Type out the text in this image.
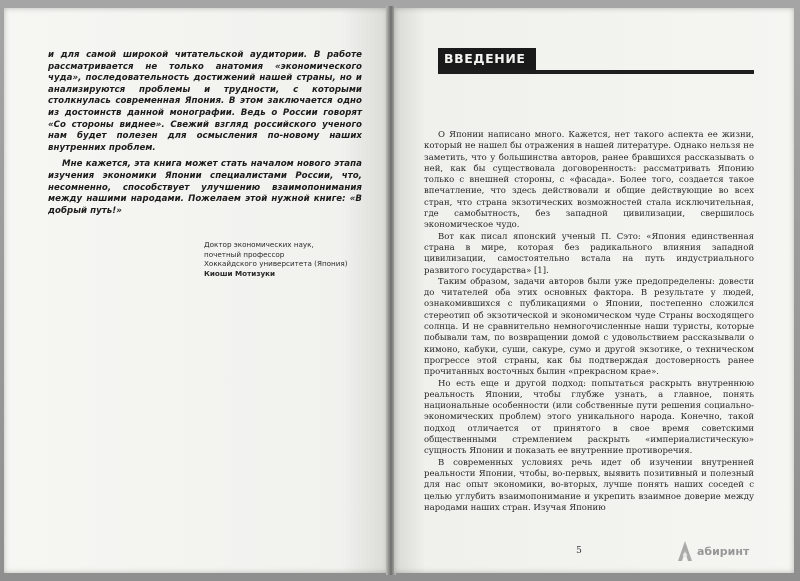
и для самой широкой читательской аудитории. В работе рассматривается не только анатомия «экономического чуда», последовательность достижений нашей страны, но и анализируются проблемы и трудности, с которыми столкнулась современная Япония. В этом заключается одно из достоинств данной монографии. Ведь о России говорят «Со стороны виднее». Свежий взгляд российского ученого нам будет полезен для осмысления по-новому наших внутренних проблем.

Мне кажется, эта книга может стать началом нового этапа изучения экономики Японии специалистами России, что, несомненно, способствует улучшению взаимопонимания между нашими народами. Пожелаем этой нужной книге: «В добрый путь!»

Доктор экономических наук,
почетный профессор
Хоккайдского университета (Япония)
Киоши Мотизуки
ВВЕДЕНИЕ

О Японии написано много. Кажется, нет такого аспекта ее жизни, который не нашел бы отражения в нашей литературе. Однако нельзя не заметить, что у большинства авторов, ранее бравшихся рассказывать о ней, как бы существовала договоренность: рассматривать Японию только с внешней стороны, с «фасада». Более того, создается такое впечатление, что здесь действовали и общие действующие во всех стран, что страна экзотических возможностей стала исключительная, где самобытность, без западной цивилизации, свершилось экономическое чудо.

Вот как писал японский ученый П. Сэто: «Япония единственная страна в мире, которая без радикального влияния западной цивилизации, самостоятельно встала на путь индустриального развитого государства» [1].

Таким образом, задачи авторов были уже предопределены: довести до читателей оба этих основных фактора. В результате у людей, ознакомившихся с публикациями о Японии, постепенно сложился стереотип об экзотической и экономическом чуде Страны восходящего солнца. И не сравнительно немногочисленные наши туристы, которые побывали там, по возвращении домой с удовольствием рассказывали о кимоно, кабуки, суши, сакуре, сумо и другой экзотике, о техническом прогрессе этой страны, как бы подтверждая достоверность ранее прочитанных восточных былин «прекрасном крае».

Но есть еще и другой подход: попытаться раскрыть внутреннюю реальность Японии, чтобы глубже узнать, а главное, понять национальные особенности (или собственные пути решения социально-экономических проблем) этого уникального народа. Конечно, такой подход отличается от принятого в свое время советскими общественными стремлением раскрыть «империалистическую» сущность Японии и показать ее внутренние противоречия.

В современных условиях речь идет об изучении внутренней реальности Японии, чтобы, во-первых, выявить позитивный и полезный для нас опыт экономики, во-вторых, лучше понять наших соседей с целью углубить взаимопонимание и укрепить взаимное доверие между народами наших стран. Изучая Японию

5	абиринт
